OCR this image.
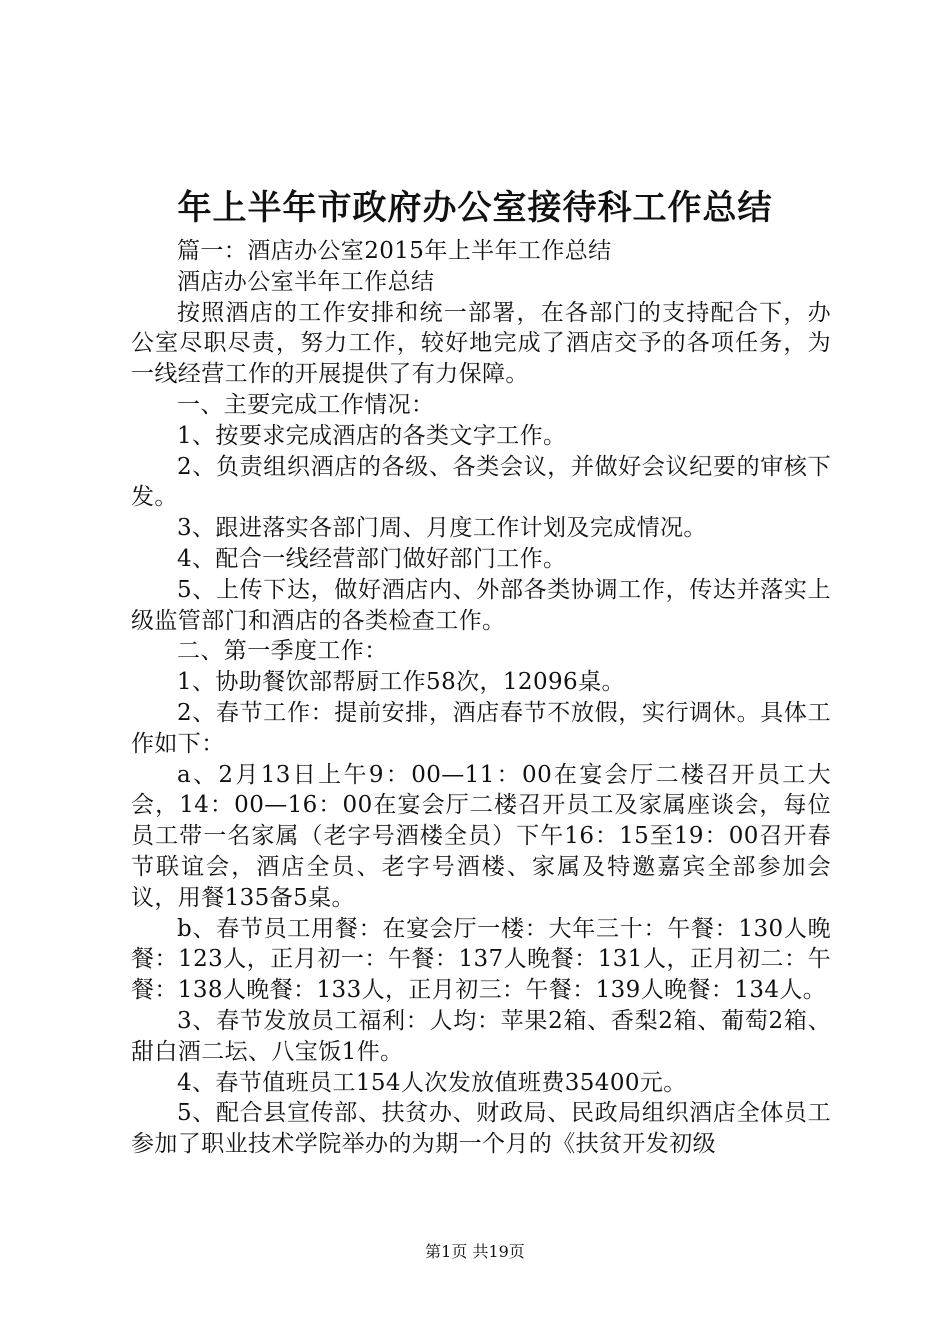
年上半年市政府办公室接待科工作总结

篇一：酒店办公室2015年上半年工作总结

酒店办公室半年工作总结

按照酒店的工作安排和统一部署，在各部门的支持配合下，办公室尽职尽责，努力工作，较好地完成了酒店交予的各项任务，为一线经营工作的开展提供了有力保障。

一、主要完成工作情况：

1、按要求完成酒店的各类文字工作。

2、负责组织酒店的各级、各类会议，并做好会议纪要的审核下发。

3、跟进落实各部门周、月度工作计划及完成情况。

4、配合一线经营部门做好部门工作。

5、上传下达，做好酒店内、外部各类协调工作，传达并落实上级监管部门和酒店的各类检查工作。

二、第一季度工作：

1、协助餐饮部帮厨工作58次，12096桌。

2、春节工作：提前安排，酒店春节不放假，实行调休。具体工作如下：

a、2月13日上午9：00—11：00在宴会厅二楼召开员工大会，14：00—16：00在宴会厅二楼召开员工及家属座谈会，每位员工带一名家属（老字号酒楼全员）下午16：15至19：00召开春节联谊会，酒店全员、老字号酒楼、家属及特邀嘉宾全部参加会议，用餐135备5桌。

b、春节员工用餐：在宴会厅一楼：大年三十：午餐：130人晚餐：123人，正月初一：午餐：137人晚餐：131人，正月初二：午餐：138人晚餐：133人，正月初三：午餐：139人晚餐：134人。

3、春节发放员工福利：人均：苹果2箱、香梨2箱、葡萄2箱、甜白酒二坛、八宝饭1件。

4、春节值班员工154人次发放值班费35400元。

5、配合县宣传部、扶贫办、财政局、民政局组织酒店全体员工参加了职业技术学院举办的为期一个月的《扶贫开发初级

第1页 共19页
